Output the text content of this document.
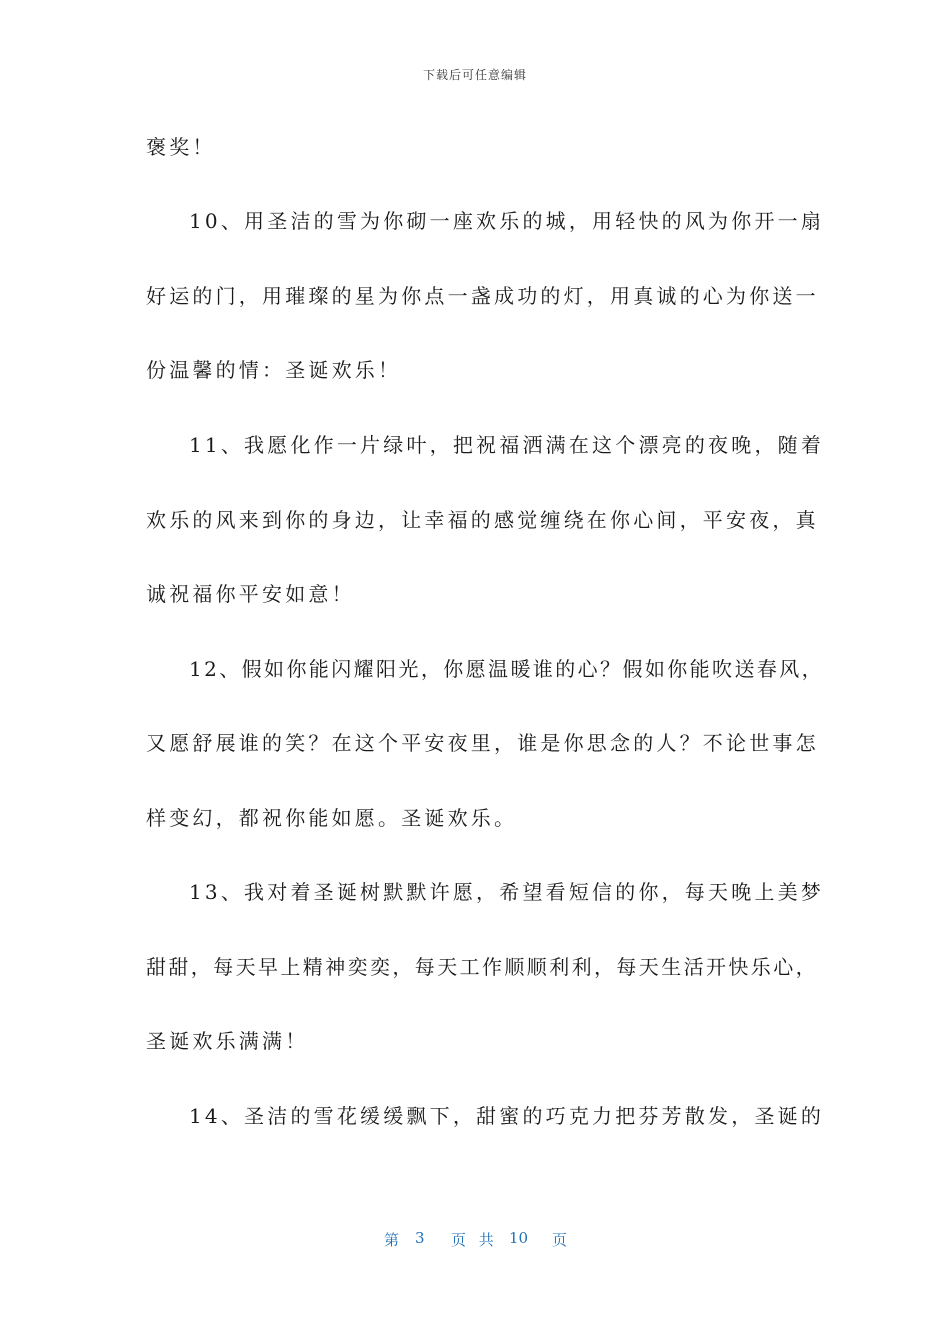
下载后可任意编辑
褒奖！
10、用圣洁的雪为你砌一座欢乐的城，用轻快的风为你开一扇
好运的门，用璀璨的星为你点一盏成功的灯，用真诚的心为你送一
份温馨的情：圣诞欢乐！
11、我愿化作一片绿叶，把祝福洒满在这个漂亮的夜晚，随着
欢乐的风来到你的身边，让幸福的感觉缠绕在你心间，平安夜，真
诚祝福你平安如意！
12、假如你能闪耀阳光，你愿温暖谁的心？假如你能吹送春风，
又愿舒展谁的笑？在这个平安夜里，谁是你思念的人？不论世事怎
样变幻，都祝你能如愿。圣诞欢乐。
13、我对着圣诞树默默许愿，希望看短信的你，每天晚上美梦
甜甜，每天早上精神奕奕，每天工作顺顺利利，每天生活开快乐心，
圣诞欢乐满满！
14、圣洁的雪花缓缓飘下，甜蜜的巧克力把芬芳散发，圣诞的
第 3 页 共 10 页
